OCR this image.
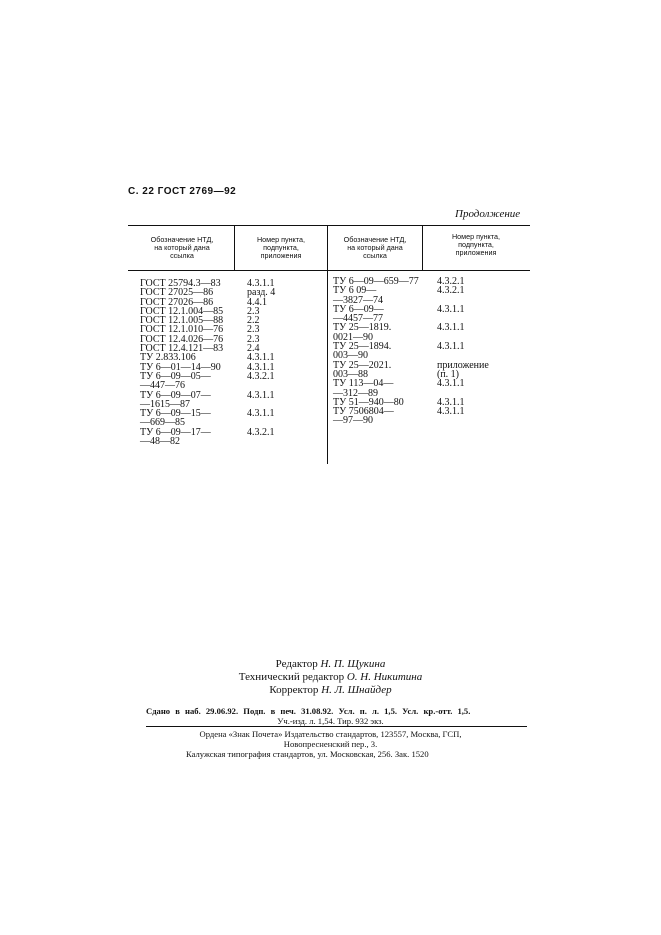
С. 22 ГОСТ 2769—92
Продолжение
Обозначение НТД,
на который дана
ссылка
Номер пункта,
подпункта,
приложения
Обозначение НТД,
на который дана
ссылка
Номер пункта,
подпункта,
приложения
ГОСТ 25794.3—83
ГОСТ 27025—86
ГОСТ 27026—86
ГОСТ 12.1.004—85
ГОСТ 12.1.005—88
ГОСТ 12.1.010—76
ГОСТ 12.4.026—76
ГОСТ 12.4.121—83
ТУ 2.833.106
ТУ 6—01—14—90
ТУ 6—09—05—
—447—76
ТУ 6—09—07—
—1615—87
ТУ 6—09—15—
—669—85
ТУ 6—09—17—
—48—82
4.3.1.1
разд. 4
4.4.1
2.3
2.2
2.3
2.3
2.4
4.3.1.1
4.3.1.1
4.3.2.1
4.3.1.1
4.3.1.1
4.3.2.1
ТУ 6—09—659—77
ТУ 6 09—
—3827—74
ТУ 6—09—
—4457—77
ТУ 25—1819.
0021—90
ТУ 25—1894.
003—90
ТУ 25—2021.
003—88
ТУ 113—04—
—312—89
ТУ 51—940—80
ТУ 7506804—
—97—90
4.3.2.1
4.3.2.1
4.3.1.1
4.3.1.1
4.3.1.1
приложение
(п. 1)
4.3.1.1
4.3.1.1
4.3.1.1
Редактор Н. П. Щукина
Технический редактор О. Н. Никитина
Корректор Н. Л. Шнайдер
Сдано в наб. 29.06.92. Подп. в печ. 31.08.92. Усл. п. л. 1,5. Усл. кр.-отт. 1,5.
Уч.-изд. л. 1,54. Тир. 932 экз.
Ордена «Знак Почета» Издательство стандартов, 123557, Москва, ГСП,
Новопресненский пер., 3.
Калужская типография стандартов, ул. Московская, 256. Зак. 1520
